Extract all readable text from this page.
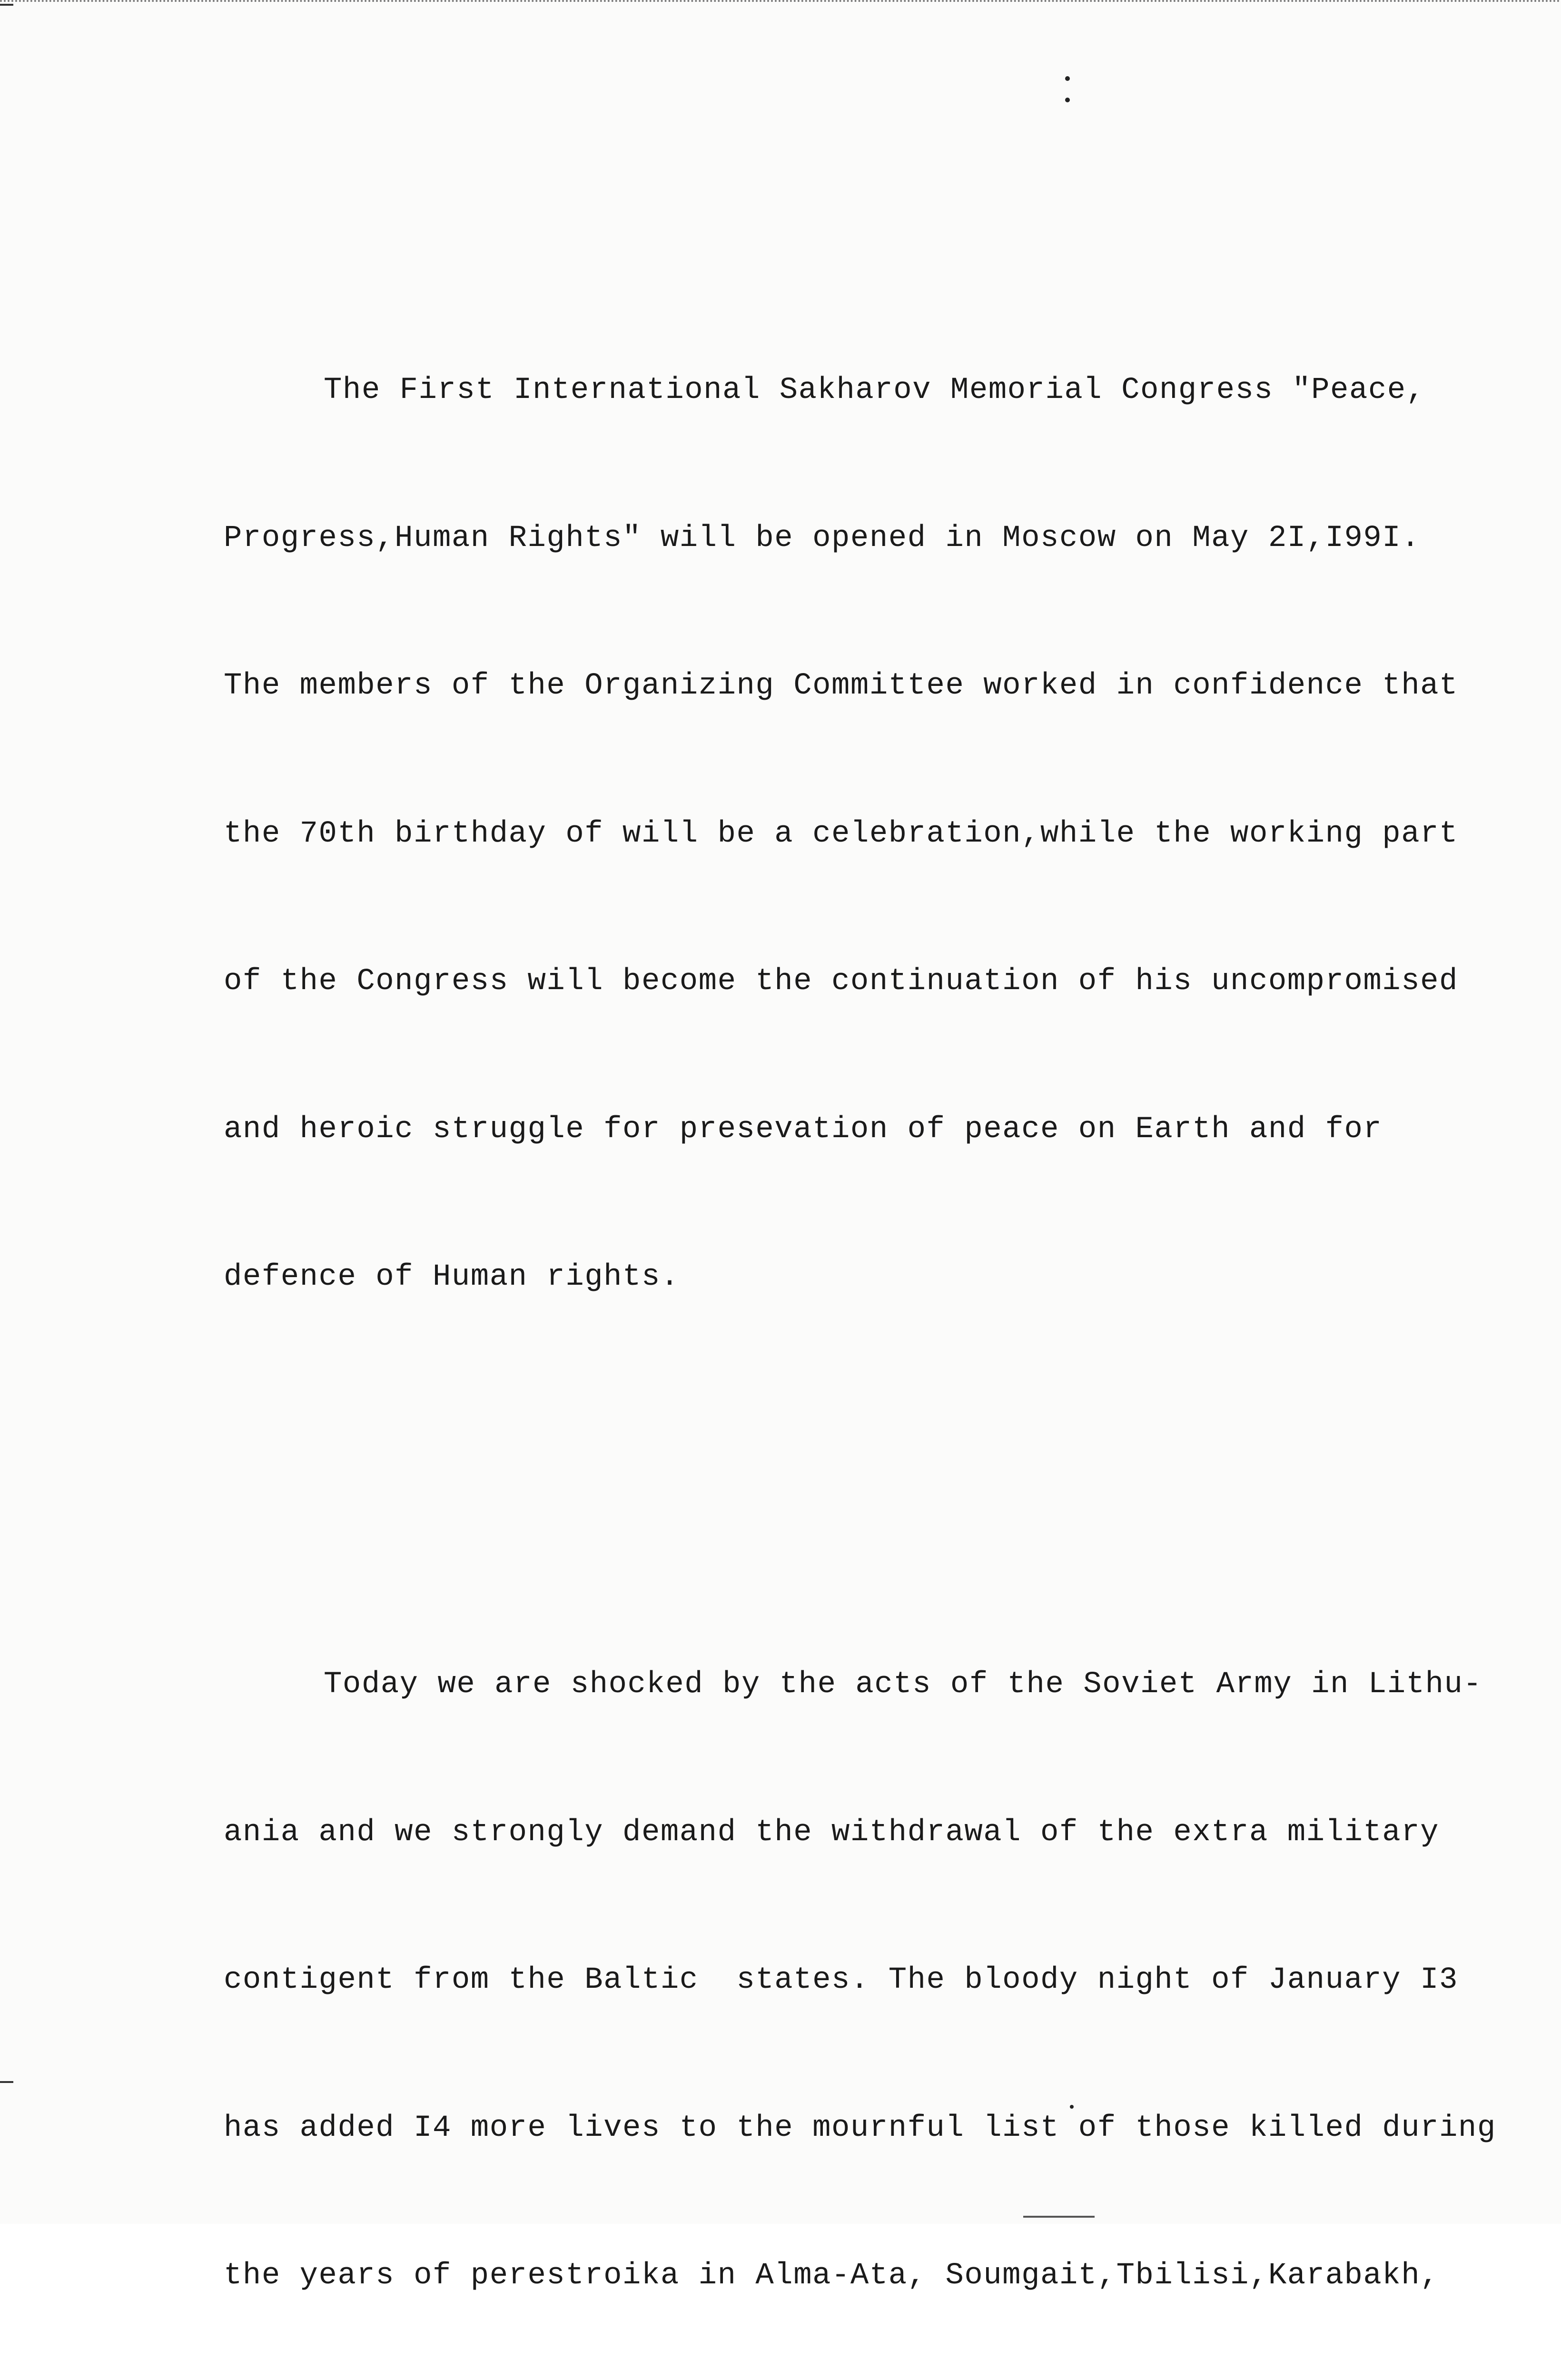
The First International Sakharov Memorial Congress "Peace,

Progress,Human Rights" will be opened in Moscow on May 2I,I99I.

The members of the Organizing Committee worked in confidence that

the 70th birthday of will be a celebration,while the working part

of the Congress will become the continuation of his uncompromised

and heroic struggle for presevation of peace on Earth and for

defence of Human rights.

Today we are shocked by the acts of the Soviet Army in Lithu-

ania and we strongly demand the withdrawal of the extra military

contigent from the Baltic  states. The bloody night of January I3

has added I4 more lives to the mournful list of those killed during

the years of perestroika in Alma-Ata, Soumgait,Tbilisi,Karabakh,
